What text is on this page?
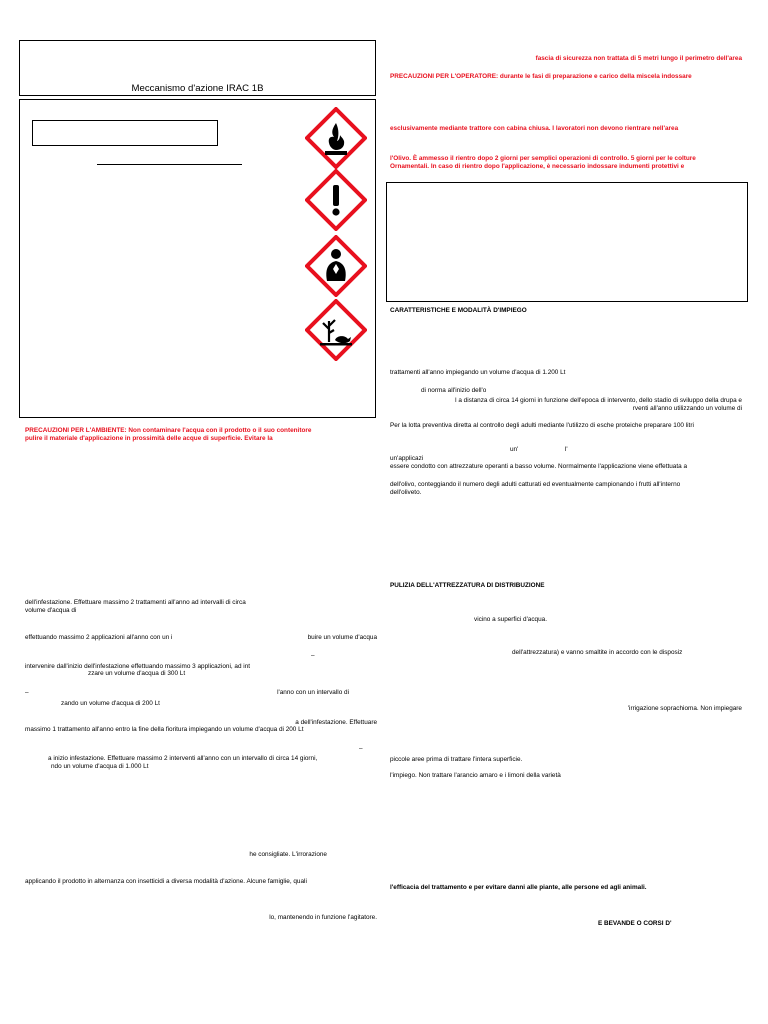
Meccanismo d'azione IRAC 1B
PRECAUZIONI PER L'AMBIENTE: Non contaminare l'acqua con il prodotto o il suo contenitore
pulire il materiale d'applicazione in prossimità delle acque di superficie. Evitare la
dell'infestazione. Effettuare massimo 2 trattamenti all'anno ad intervalli di circa
volume d'acqua di
effettuando massimo 2 applicazioni all'anno con un i	buire un volume d'acqua
–
intervenire dall'inizio dell'infestazione effettuando massimo 3 applicazioni, ad int
zzare un volume d'acqua di 300 Lt
–	l'anno con un intervallo di
zando un volume d'acqua di 200 Lt
a dell'infestazione. Effettuare
massimo 1 trattamento all'anno entro la fine della fioritura impiegando un volume d'acqua di 200 Lt
–
a inizio infestazione. Effettuare massimo 2 interventi all'anno con un intervallo di circa 14 giorni,
ndo un volume d'acqua di 1.000 Lt
he consigliate. L'irrorazione
applicando il prodotto in alternanza con insetticidi a diversa modalità d'azione. Alcune famiglie, quali
lo, mantenendo in funzione l'agitatore.
fascia di sicurezza non trattata di 5 metri lungo il perimetro dell'area
PRECAUZIONI PER L'OPERATORE: durante le fasi di preparazione e carico della miscela indossare
esclusivamente mediante trattore con cabina chiusa. I lavoratori non devono rientrare nell'area
l'Olivo. È ammesso il rientro dopo 2 giorni per semplici operazioni di controllo. 5 giorni per le colture
Ornamentali. In caso di rientro dopo l'applicazione, è necessario indossare indumenti protettivi e
CARATTERISTICHE E MODALITÀ D'IMPIEGO
trattamenti all'anno impiegando un volume d'acqua di 1.200 Lt
di norma all'inizio dell'o
l a distanza di circa 14 giorni in funzione dell'epoca di intervento, dello stadio di sviluppo della drupa e
rventi all'anno utilizzando un volume di
Per la lotta preventiva diretta al controllo degli adulti mediante l'utilizzo di esche proteiche preparare 100 litri
un'	l'
un'applicazi
essere condotto con attrezzature operanti a basso volume. Normalmente l'applicazione viene effettuata a
dell'olivo, conteggiando il numero degli adulti catturati ed eventualmente campionando i frutti all'interno
dell'oliveto.
PULIZIA DELL'ATTREZZATURA DI DISTRIBUZIONE
vicino a superfici d'acqua.
dell'attrezzatura) e vanno smaltite in accordo con le disposiz
'irrigazione soprachioma. Non impiegare
piccole aree prima di trattare l'intera superficie.
l'impiego. Non trattare l'arancio amaro e i limoni della varietà
l'efficacia del trattamento e per evitare danni alle piante, alle persone ed agli animali.
E BEVANDE O CORSI D'
